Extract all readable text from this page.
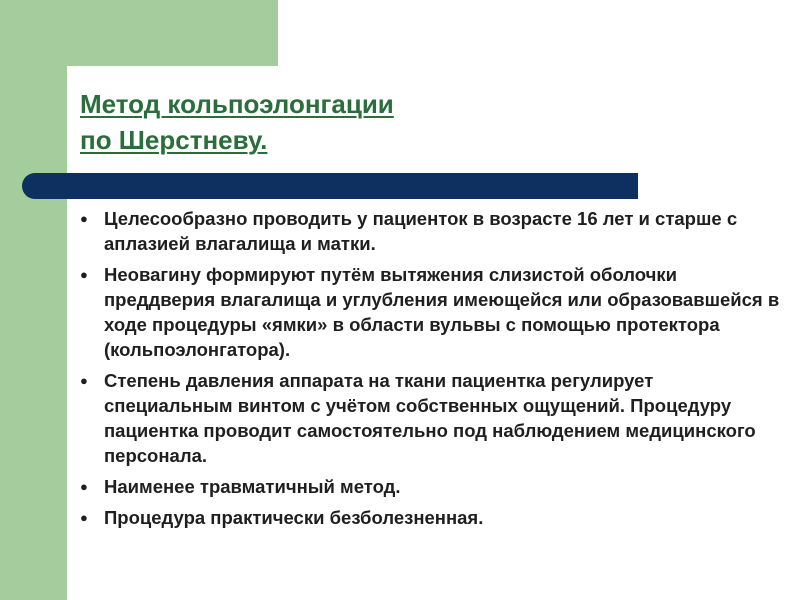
Метод кольпоэлонгации
по Шерстневу.
● Целесообразно проводить у пациенток в возрасте 16 лет и старше с аплазией влагалища и матки.
● Неовагину формируют путём вытяжения слизистой оболочки преддверия влагалища и углубления имеющейся или образовавшейся в ходе процедуры «ямки» в области вульвы с помощью протектора (кольпоэлонгатора).
● Степень давления аппарата на ткани пациентка регулирует специальным винтом с учётом собственных ощущений. Процедуру пациентка проводит самостоятельно под наблюдением медицинского персонала.
● Наименее травматичный метод.
● Процедура практически безболезненная.
